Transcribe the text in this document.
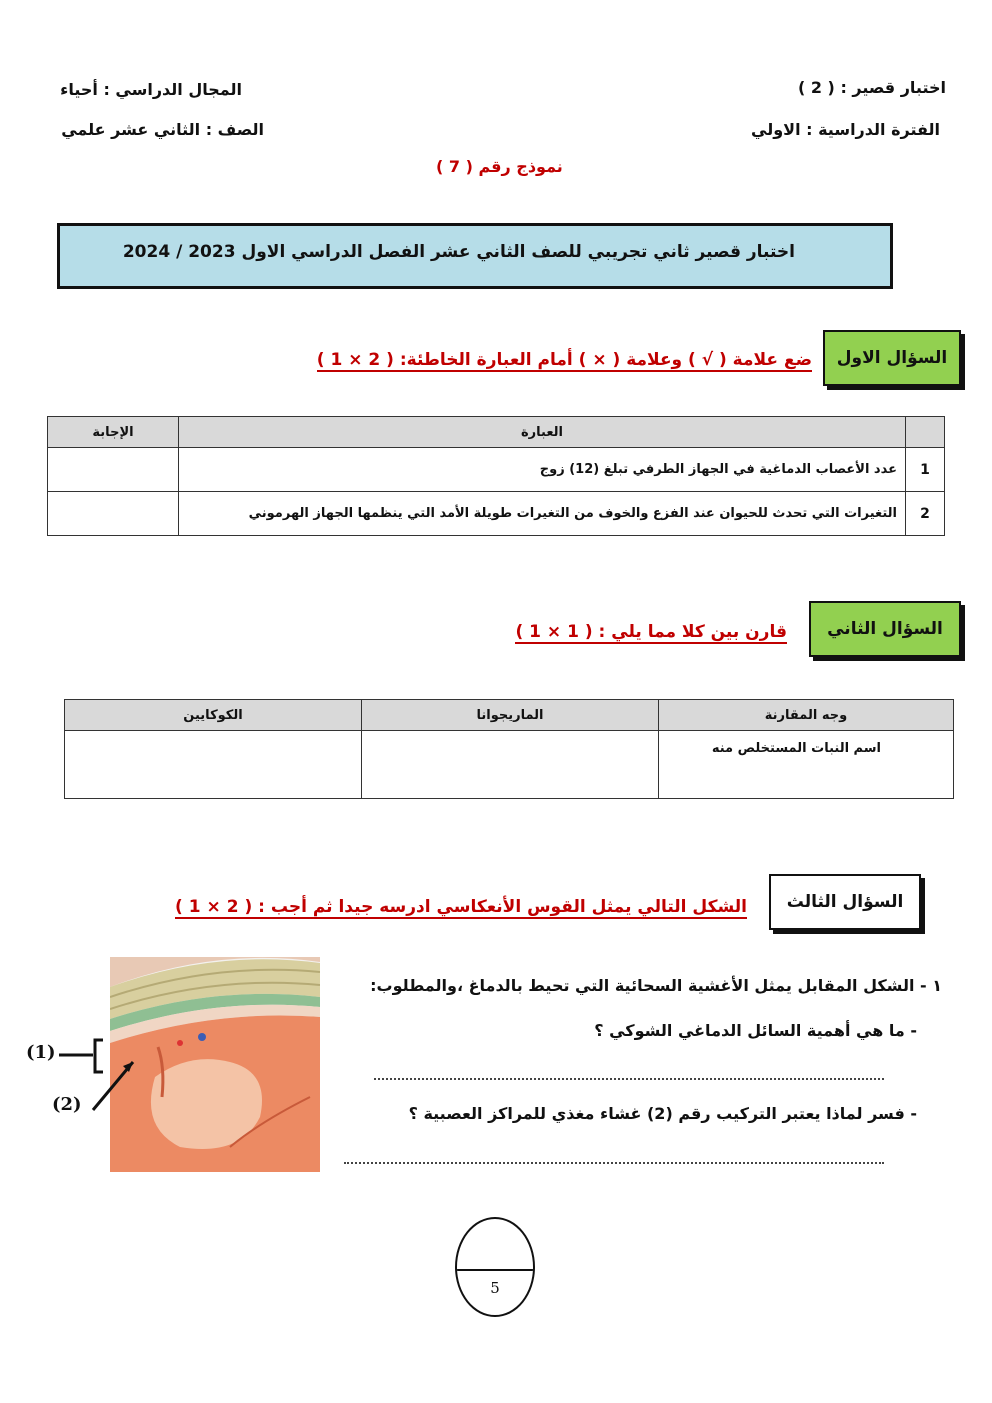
اختبار قصير : ( 2 )
المجال الدراسي : أحياء
الفترة الدراسية : الاولي
الصف : الثاني عشر علمي
نموذج رقم ( 7 )
اختبار قصير ثاني تجريبي للصف الثاني عشر الفصل الدراسي الاول 2023 / 2024
السؤال الاول
ضع علامة ( √ ) وعلامة ( × ) أمام العبارة الخاطئة: ( 2 × 1 )
الإجابة	العبارة	

	عدد الأعصاب الدماغية في الجهاز الطرفي تبلغ (12) زوج	1

	التغيرات التي تحدث للحيوان عند الفزع والخوف من التغيرات طويلة الأمد التي ينظمها الجهاز الهرموني	2
السؤال الثاني
قارن بين كلا مما يلي : ( 1 × 1 )
الكوكايين	الماريجوانا	وجه المقارنة

		اسم النبات المستخلص منه
السؤال الثالث
الشكل التالي يمثل القوس الأنعكاسي ادرسه جيدا ثم أجب : ( 2 × 1 )
١ - الشكل المقابل يمثل الأغشية السحائية التي تحيط بالدماغ ،والمطلوب:
- ما هي أهمية السائل الدماغي الشوكي ؟
- فسر لماذا يعتبر التركيب رقم (2) غشاء مغذي للمراكز العصبية ؟
(1)
(2)
5
